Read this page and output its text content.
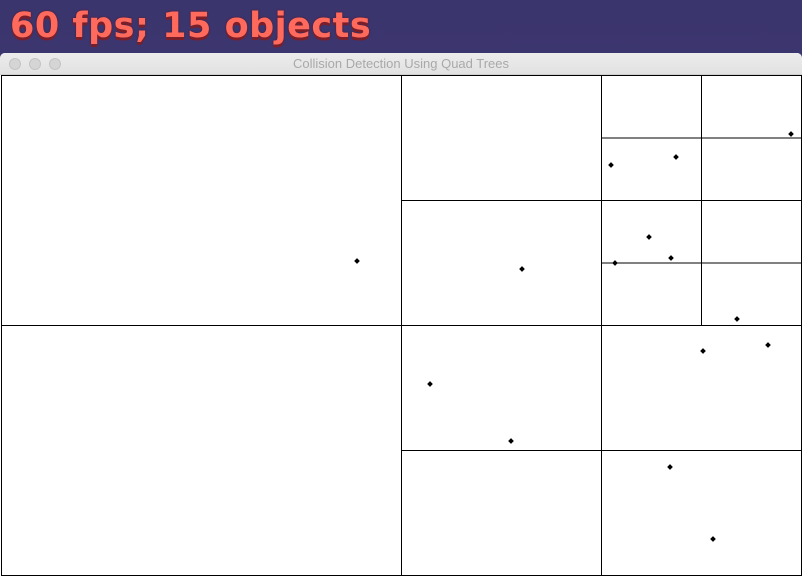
60 fps; 15 objects
Collision Detection Using Quad Trees
